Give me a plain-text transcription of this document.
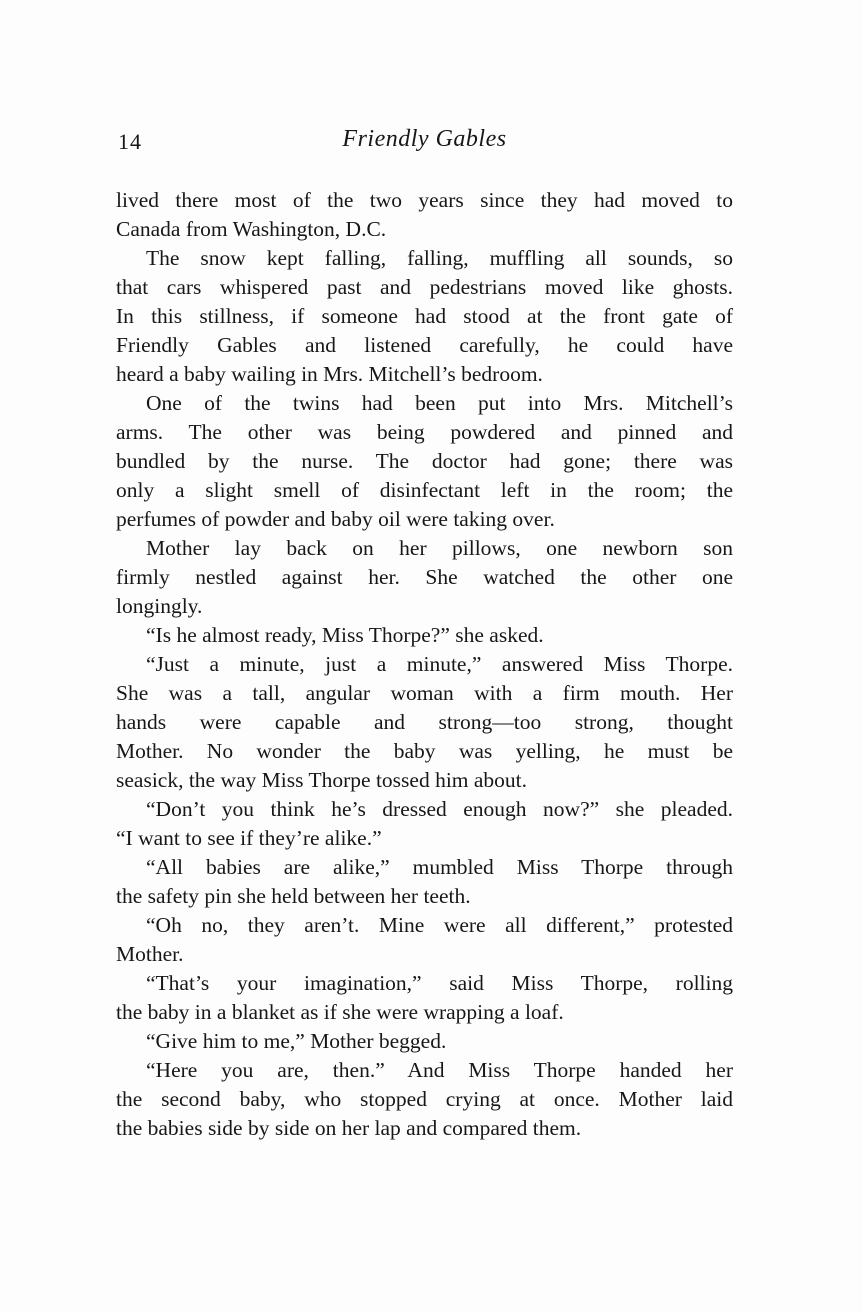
14	Friendly Gables
lived there most of the two years since they had moved to
Canada from Washington, D.C.
The snow kept falling, falling, muffling all sounds, so
that cars whispered past and pedestrians moved like ghosts.
In this stillness, if someone had stood at the front gate of
Friendly Gables and listened carefully, he could have
heard a baby wailing in Mrs. Mitchell’s bedroom.
One of the twins had been put into Mrs. Mitchell’s
arms. The other was being powdered and pinned and
bundled by the nurse. The doctor had gone; there was
only a slight smell of disinfectant left in the room; the
perfumes of powder and baby oil were taking over.
Mother lay back on her pillows, one newborn son
firmly nestled against her. She watched the other one
longingly.
“Is he almost ready, Miss Thorpe?” she asked.
“Just a minute, just a minute,” answered Miss Thorpe.
She was a tall, angular woman with a firm mouth. Her
hands were capable and strong—too strong, thought
Mother. No wonder the baby was yelling, he must be
seasick, the way Miss Thorpe tossed him about.
“Don’t you think he’s dressed enough now?” she pleaded.
“I want to see if they’re alike.”
“All babies are alike,” mumbled Miss Thorpe through
the safety pin she held between her teeth.
“Oh no, they aren’t. Mine were all different,” protested
Mother.
“That’s your imagination,” said Miss Thorpe, rolling
the baby in a blanket as if she were wrapping a loaf.
“Give him to me,” Mother begged.
“Here you are, then.” And Miss Thorpe handed her
the second baby, who stopped crying at once. Mother laid
the babies side by side on her lap and compared them.
